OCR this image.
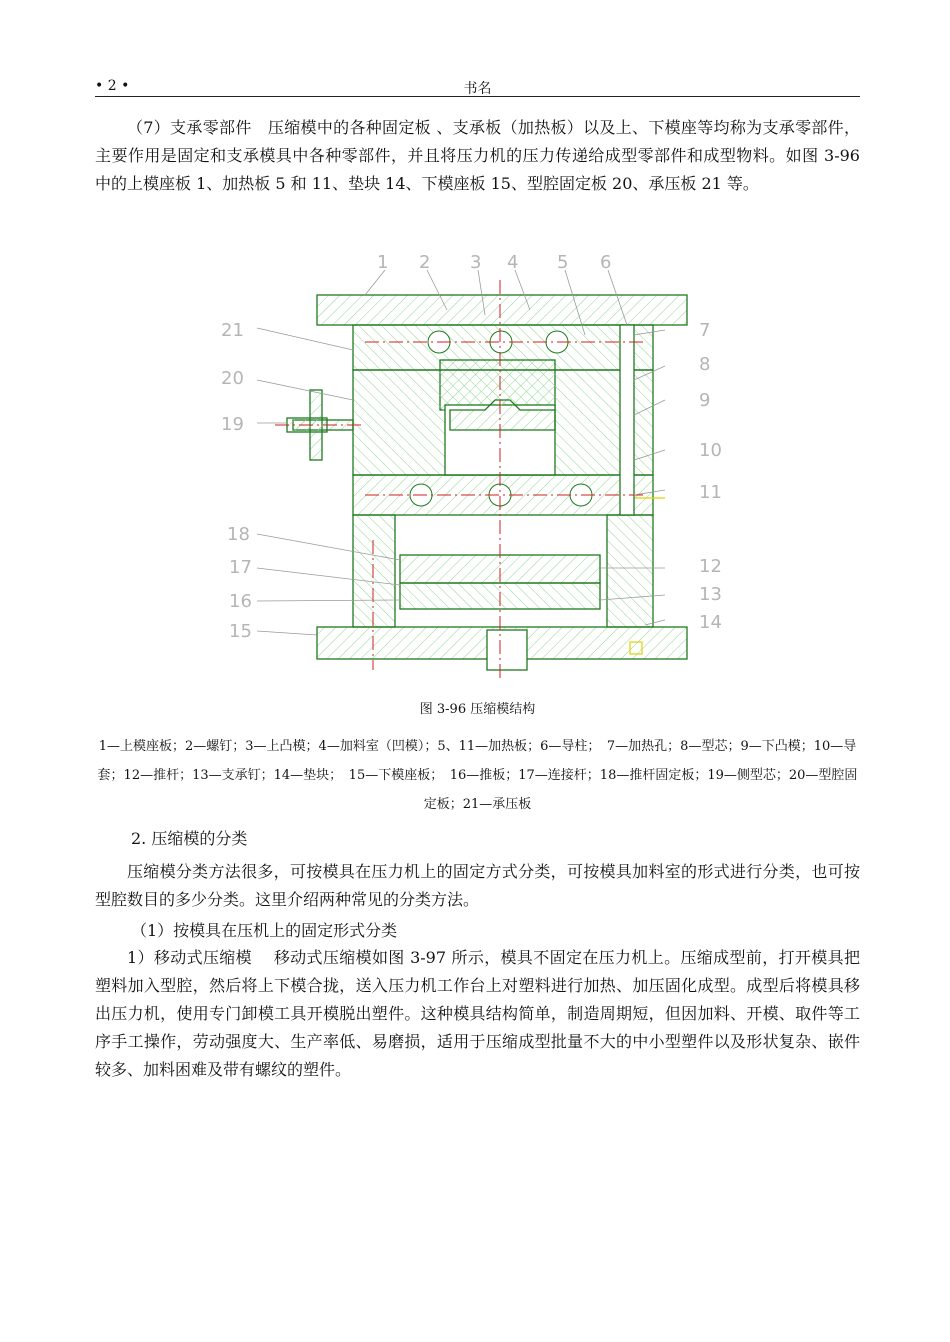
• 2 •	书名
（7）支承零部件　压缩模中的各种固定板 、支承板（加热板）以及上、下模座等均称为支承零部件，主要作用是固定和支承模具中各种零部件，并且将压力机的压力传递给成型零部件和成型物料。如图 3-96 中的上模座板 1、加热板 5 和 11、垫块 14、下模座板 15、型腔固定板 20、承压板 21 等。
1 2 3 4 5 6
7
8
9
10
11
12
13
14
21
20
19
18
17
16
15
图 3-96 压缩模结构
1—上模座板；2—螺钉；3—上凸模；4—加料室（凹模）；5、11—加热板；6—导柱；　7—加热孔；8—型芯；9—下凸模；10—导套；12—推杆；13—支承钉；14—垫块；　15—下模座板；　16—推板；17—连接杆；18—推杆固定板；19—侧型芯；20—型腔固定板；21—承压板
2. 压缩模的分类
压缩模分类方法很多，可按模具在压力机上的固定方式分类，可按模具加料室的形式进行分类，也可按型腔数目的多少分类。这里介绍两种常见的分类方法。
（1）按模具在压机上的固定形式分类
1）移动式压缩模　 移动式压缩模如图 3-97 所示，模具不固定在压力机上。压缩成型前，打开模具把塑料加入型腔，然后将上下模合拢，送入压力机工作台上对塑料进行加热、加压固化成型。成型后将模具移出压力机，使用专门卸模工具开模脱出塑件。这种模具结构简单，制造周期短，但因加料、开模、取件等工序手工操作，劳动强度大、生产率低、易磨损，适用于压缩成型批量不大的中小型塑件以及形状复杂、嵌件较多、加料困难及带有螺纹的塑件。
